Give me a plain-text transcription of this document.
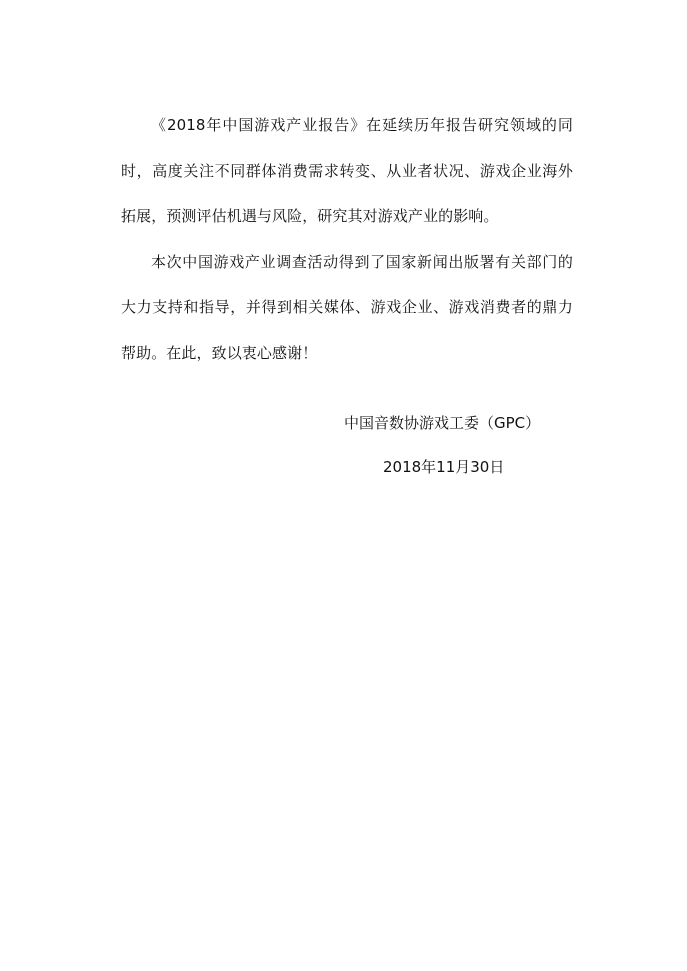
《2018年中国游戏产业报告》在延续历年报告研究领域的同时，高度关注不同群体消费需求转变、从业者状况、游戏企业海外拓展，预测评估机遇与风险，研究其对游戏产业的影响。

本次中国游戏产业调查活动得到了国家新闻出版署有关部门的大力支持和指导，并得到相关媒体、游戏企业、游戏消费者的鼎力帮助。在此，致以衷心感谢！

中国音数协游戏工委（GPC）
2018年11月30日
